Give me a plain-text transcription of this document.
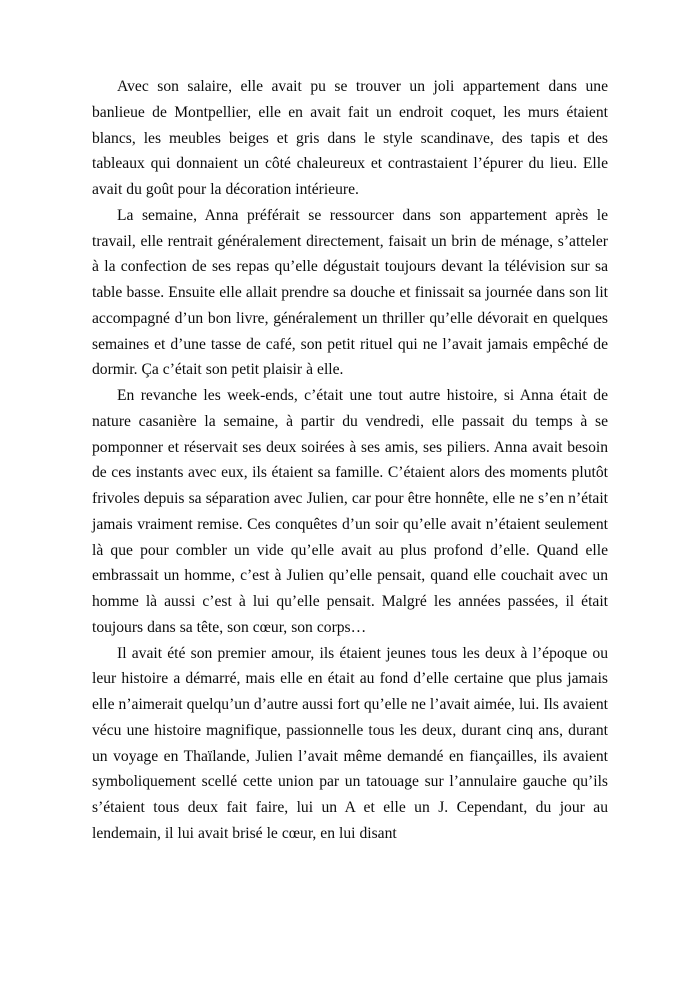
Avec son salaire, elle avait pu se trouver un joli appartement dans une banlieue de Montpellier, elle en avait fait un endroit coquet, les murs étaient blancs, les meubles beiges et gris dans le style scandinave, des tapis et des tableaux qui donnaient un côté chaleureux et contrastaient l’épurer du lieu. Elle avait du goût pour la décoration intérieure.

La semaine, Anna préférait se ressourcer dans son appartement après le travail, elle rentrait généralement directement, faisait un brin de ménage, s’atteler à la confection de ses repas qu’elle dégustait toujours devant la télévision sur sa table basse. Ensuite elle allait prendre sa douche et finissait sa journée dans son lit accompagné d’un bon livre, généralement un thriller qu’elle dévorait en quelques semaines et d’une tasse de café, son petit rituel qui ne l’avait jamais empêché de dormir. Ça c’était son petit plaisir à elle.

En revanche les week-ends, c’était une tout autre histoire, si Anna était de nature casanière la semaine, à partir du vendredi, elle passait du temps à se pomponner et réservait ses deux soirées à ses amis, ses piliers. Anna avait besoin de ces instants avec eux, ils étaient sa famille. C’étaient alors des moments plutôt frivoles depuis sa séparation avec Julien, car pour être honnête, elle ne s’en n’était jamais vraiment remise. Ces conquêtes d’un soir qu’elle avait n’étaient seulement là que pour combler un vide qu’elle avait au plus profond d’elle. Quand elle embrassait un homme, c’est à Julien qu’elle pensait, quand elle couchait avec un homme là aussi c’est à lui qu’elle pensait. Malgré les années passées, il était toujours dans sa tête, son cœur, son corps…

Il avait été son premier amour, ils étaient jeunes tous les deux à l’époque ou leur histoire a démarré, mais elle en était au fond d’elle certaine que plus jamais elle n’aimerait quelqu’un d’autre aussi fort qu’elle ne l’avait aimée, lui. Ils avaient vécu une histoire magnifique, passionnelle tous les deux, durant cinq ans, durant un voyage en Thaïlande, Julien l’avait même demandé en fiançailles, ils avaient symboliquement scellé cette union par un tatouage sur l’annulaire gauche qu’ils s’étaient tous deux fait faire, lui un A et elle un J. Cependant, du jour au lendemain, il lui avait brisé le cœur, en lui disant
